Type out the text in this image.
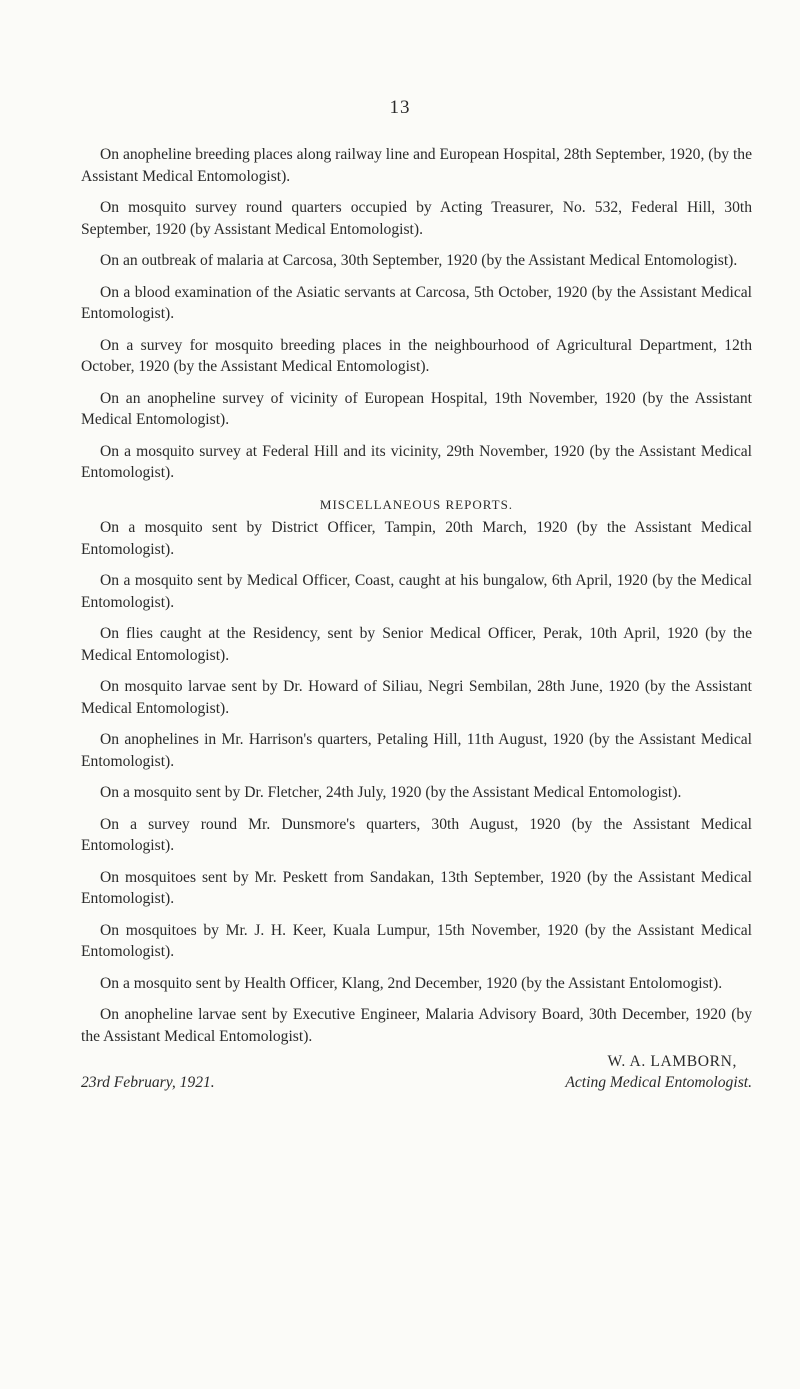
13

On anopheline breeding places along railway line and European Hospital, 28th September, 1920, (by the Assistant Medical Entomologist).

On mosquito survey round quarters occupied by Acting Treasurer, No. 532, Federal Hill, 30th September, 1920 (by Assistant Medical Entomologist).

On an outbreak of malaria at Carcosa, 30th September, 1920 (by the Assistant Medical Entomologist).

On a blood examination of the Asiatic servants at Carcosa, 5th October, 1920 (by the Assistant Medical Entomologist).

On a survey for mosquito breeding places in the neighbourhood of Agricultural Department, 12th October, 1920 (by the Assistant Medical Entomologist).

On an anopheline survey of vicinity of European Hospital, 19th November, 1920 (by the Assistant Medical Entomologist).

On a mosquito survey at Federal Hill and its vicinity, 29th November, 1920 (by the Assistant Medical Entomologist).

MISCELLANEOUS REPORTS.

On a mosquito sent by District Officer, Tampin, 20th March, 1920 (by the Assistant Medical Entomologist).

On a mosquito sent by Medical Officer, Coast, caught at his bungalow, 6th April, 1920 (by the Medical Entomologist).

On flies caught at the Residency, sent by Senior Medical Officer, Perak, 10th April, 1920 (by the Medical Entomologist).

On mosquito larvae sent by Dr. Howard of Siliau, Negri Sembilan, 28th June, 1920 (by the Assistant Medical Entomologist).

On anophelines in Mr. Harrison's quarters, Petaling Hill, 11th August, 1920 (by the Assistant Medical Entomologist).

On a mosquito sent by Dr. Fletcher, 24th July, 1920 (by the Assistant Medical Entomologist).

On a survey round Mr. Dunsmore's quarters, 30th August, 1920 (by the Assistant Medical Entomologist).

On mosquitoes sent by Mr. Peskett from Sandakan, 13th September, 1920 (by the Assistant Medical Entomologist).

On mosquitoes by Mr. J. H. Keer, Kuala Lumpur, 15th November, 1920 (by the Assistant Medical Entomologist).

On a mosquito sent by Health Officer, Klang, 2nd December, 1920 (by the Assistant Entolomogist).

On anopheline larvae sent by Executive Engineer, Malaria Advisory Board, 30th December, 1920 (by the Assistant Medical Entomologist).

W. A. LAMBORN,
23rd February, 1921.	Acting Medical Entomologist.
